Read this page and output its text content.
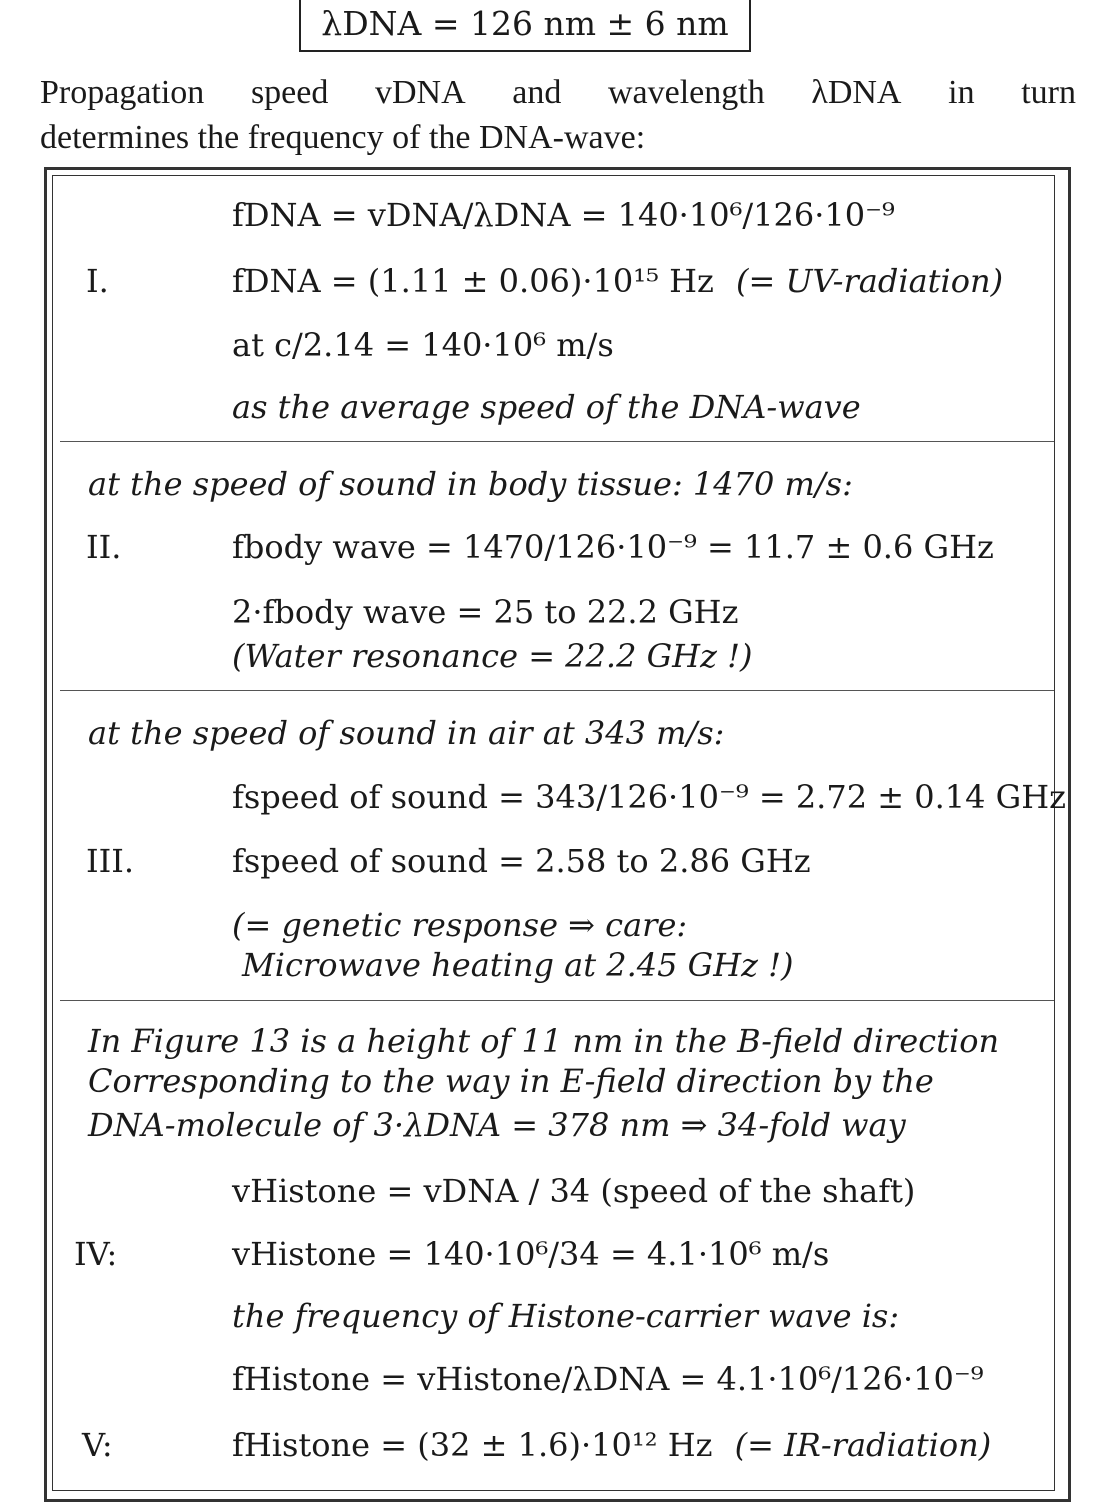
λDNA = 126 nm ± 6 nm
Propagation speed vDNA and wavelength λDNA in turn
determines the frequency of the DNA-wave:
fDNA = vDNA/λDNA = 140·10⁶/126·10⁻⁹
I.	fDNA = (1.11 ± 0.06)·10¹⁵ Hz (= UV-radiation)
at c/2.14 = 140·10⁶ m/s
as the average speed of the DNA-wave
at the speed of sound in body tissue: 1470 m/s:
II.	fbody wave = 1470/126·10⁻⁹ = 11.7 ± 0.6 GHz
2·fbody wave = 25 to 22.2 GHz
(Water resonance = 22.2 GHz !)
at the speed of sound in air at 343 m/s:
fspeed of sound = 343/126·10⁻⁹ = 2.72 ± 0.14 GHz
III.	fspeed of sound = 2.58 to 2.86 GHz
(= genetic response ⇒ care:
Microwave heating at 2.45 GHz !)
In Figure 13 is a height of 11 nm in the B-field direction
Corresponding to the way in E-field direction by the
DNA-molecule of 3·λDNA = 378 nm ⇒ 34-fold way
vHistone = vDNA / 34 (speed of the shaft)
IV:	vHistone = 140·10⁶/34 = 4.1·10⁶ m/s
the frequency of Histone-carrier wave is:
fHistone = vHistone/λDNA = 4.1·10⁶/126·10⁻⁹
V:	fHistone = (32 ± 1.6)·10¹² Hz (= IR-radiation)
